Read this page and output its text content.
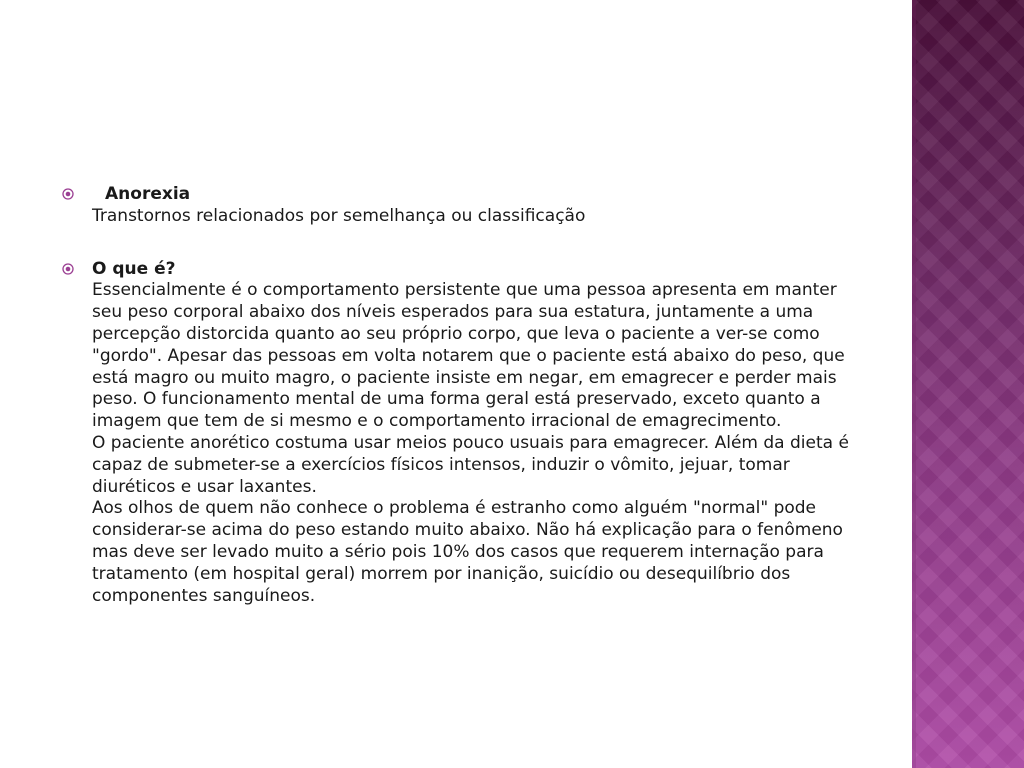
Anorexia
Transtornos relacionados por semelhança ou classificação
O que é?
Essencialmente é o comportamento persistente que uma pessoa apresenta em manter seu peso corporal abaixo dos níveis esperados para sua estatura, juntamente a uma percepção distorcida quanto ao seu próprio corpo, que leva o paciente a ver-se como "gordo". Apesar das pessoas em volta notarem que o paciente está abaixo do peso, que está magro ou muito magro, o paciente insiste em negar, em emagrecer e perder mais peso. O funcionamento mental de uma forma geral está preservado, exceto quanto a imagem que tem de si mesmo e o comportamento irracional de emagrecimento.
O paciente anorético costuma usar meios pouco usuais para emagrecer. Além da dieta é capaz de submeter-se a exercícios físicos intensos, induzir o vômito, jejuar, tomar diuréticos e usar laxantes.
Aos olhos de quem não conhece o problema é estranho como alguém "normal" pode considerar-se acima do peso estando muito abaixo. Não há explicação para o fenômeno mas deve ser levado muito a sério pois 10% dos casos que requerem internação para tratamento (em hospital geral) morrem por inanição, suicídio ou desequilíbrio dos componentes sanguíneos.
